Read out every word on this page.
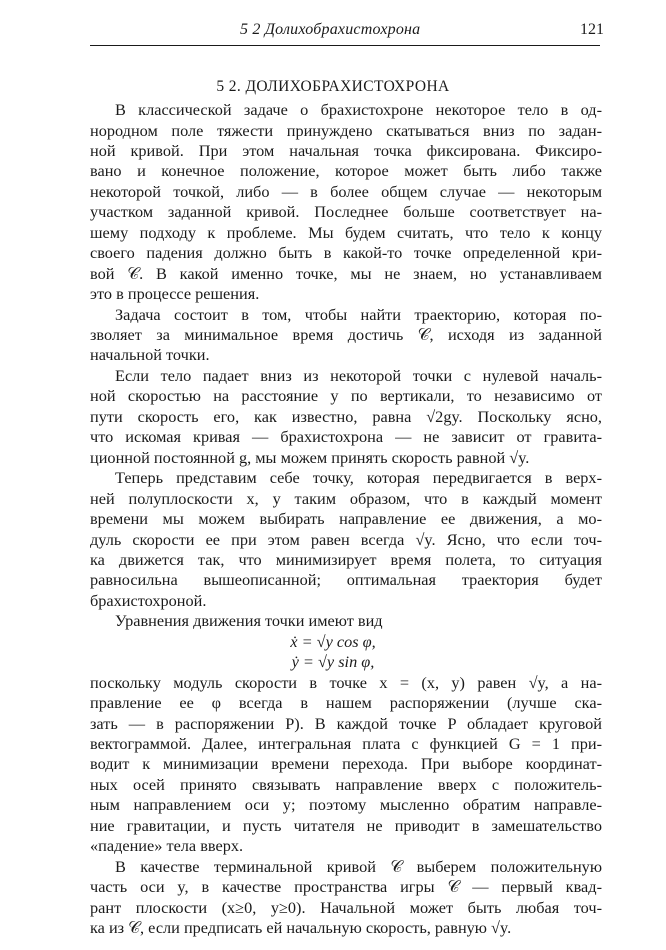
5 2 Долихобрахистохрона	121
5 2. ДОЛИХОБРАХИСТОХРОНА
В классической задаче о брахистохроне некоторое тело в од-
нородном поле тяжести принуждено скатываться вниз по задан-
ной кривой. При этом начальная точка фиксирована. Фиксиро-
вано и конечное положение, которое может быть либо также
некоторой точкой, либо — в более общем случае — некоторым
участком заданной кривой. Последнее больше соответствует на-
шему подходу к проблеме. Мы будем считать, что тело к концу
своего падения должно быть в какой-то точке определенной кри-
вой 𝒞. В какой именно точке, мы не знаем, но устанавливаем
это в процессе решения.
Задача состоит в том, чтобы найти траекторию, которая по-
зволяет за минимальное время достичь 𝒞, исходя из заданной
начальной точки.
Если тело падает вниз из некоторой точки с нулевой началь-
ной скоростью на расстояние y по вертикали, то независимо от
пути скорость его, как известно, равна √2gy. Поскольку ясно,
что искомая кривая — брахистохрона — не зависит от гравита-
ционной постоянной g, мы можем принять скорость равной √y.
Теперь представим себе точку, которая передвигается в верх-
ней полуплоскости x, y таким образом, что в каждый момент
времени мы можем выбирать направление ее движения, а мо-
дуль скорости ее при этом равен всегда √y. Ясно, что если точ-
ка движется так, что минимизирует время полета, то ситуация
равносильна вышеописанной; оптимальная траектория будет
брахистохроной.
Уравнения движения точки имеют вид
ẋ = √y cos φ,
ẏ = √y sin φ,
поскольку модуль скорости в точке x = (x, y) равен √y, а на-
правление ее φ всегда в нашем распоряжении (лучше ска-
зать — в распоряжении P). В каждой точке P обладает круговой
вектограммой. Далее, интегральная плата с функцией G = 1 при-
водит к минимизации времени перехода. При выборе координат-
ных осей принято связывать направление вверх с положитель-
ным направлением оси y; поэтому мысленно обратим направле-
ние гравитации, и пусть читателя не приводит в замешательство
«падение» тела вверх.
В качестве терминальной кривой 𝒞 выберем положительную
часть оси y, в качестве пространства игры 𝒞 — первый квад-
рант плоскости (x≥0, y≥0). Начальной может быть любая точ-
ка из 𝒞, если предписать ей начальную скорость, равную √y.
